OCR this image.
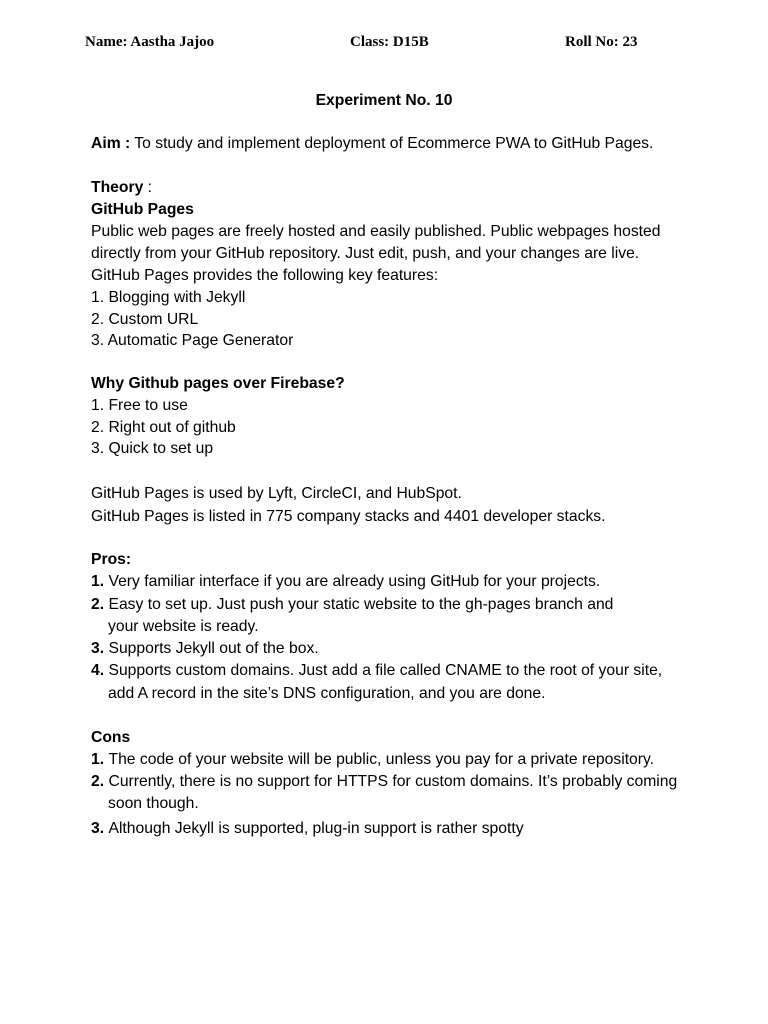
Name: Aastha Jajoo	Class: D15B	Roll No: 23
Experiment No. 10
Aim : To study and implement deployment of Ecommerce PWA to GitHub Pages.
Theory :
GitHub Pages
Public web pages are freely hosted and easily published. Public webpages hosted
directly from your GitHub repository. Just edit, push, and your changes are live.
GitHub Pages provides the following key features:
1. Blogging with Jekyll
2. Custom URL
3. Automatic Page Generator
Why Github pages over Firebase?
1. Free to use
2. Right out of github
3. Quick to set up
GitHub Pages is used by Lyft, CircleCI, and HubSpot.
GitHub Pages is listed in 775 company stacks and 4401 developer stacks.
Pros:
1. Very familiar interface if you are already using GitHub for your projects.
2. Easy to set up. Just push your static website to the gh-pages branch and
your website is ready.
3. Supports Jekyll out of the box.
4. Supports custom domains. Just add a file called CNAME to the root of your site,
add A record in the site’s DNS configuration, and you are done.
Cons
1. The code of your website will be public, unless you pay for a private repository.
2. Currently, there is no support for HTTPS for custom domains. It’s probably coming
soon though.
3. Although Jekyll is supported, plug-in support is rather spotty
